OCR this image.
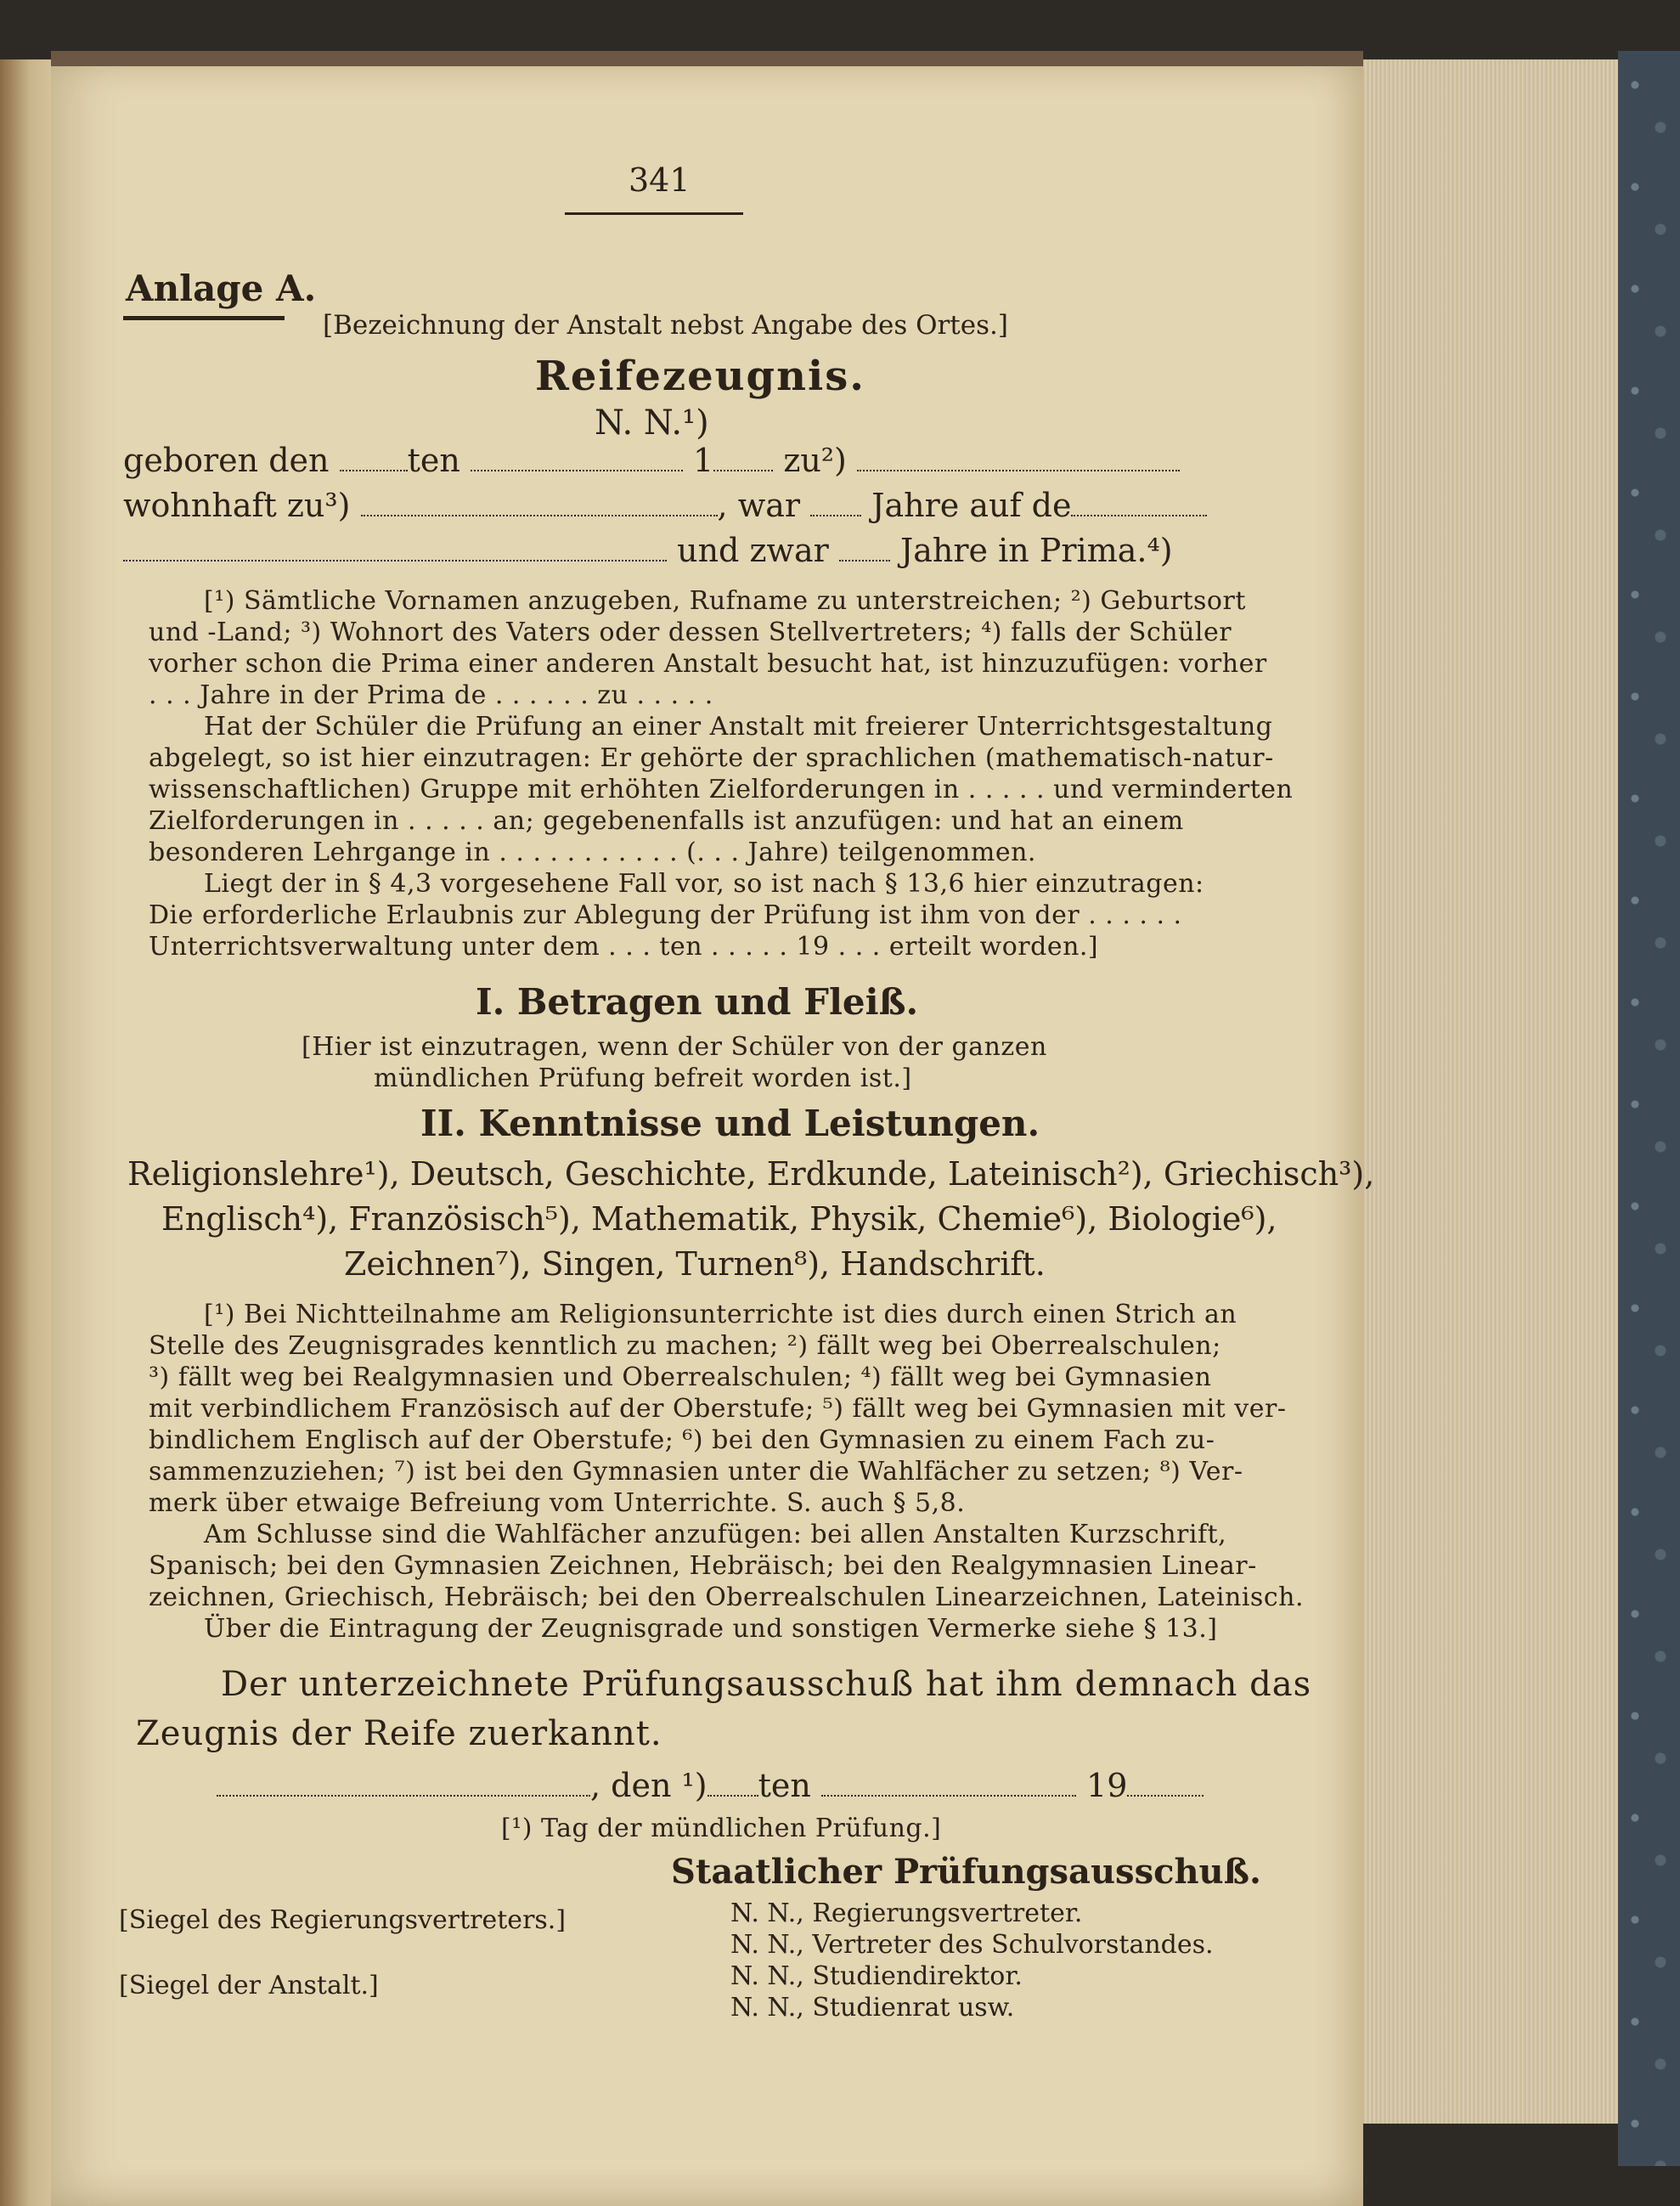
341
Anlage A.
[Bezeichnung der Anstalt nebst Angabe des Ortes.]
Reifezeugnis.
N. N.¹)
geboren den ten	1 zu²)
wohnhaft zu³)	, war Jahre auf de
und zwar Jahre in Prima.⁴)
[¹) Sämtliche Vornamen anzugeben, Rufname zu unterstreichen; ²) Geburtsort
und -Land; ³) Wohnort des Vaters oder dessen Stellvertreters; ⁴) falls der Schüler
vorher schon die Prima einer anderen Anstalt besucht hat, ist hinzuzufügen: vorher
. . . Jahre in der Prima de . . . . . . zu . . . . .
Hat der Schüler die Prüfung an einer Anstalt mit freierer Unterrichtsgestaltung
abgelegt, so ist hier einzutragen: Er gehörte der sprachlichen (mathematisch-natur-
wissenschaftlichen) Gruppe mit erhöhten Zielforderungen in . . . . . und verminderten
Zielforderungen in . . . . . an; gegebenenfalls ist anzufügen: und hat an einem
besonderen Lehrgange in . . . . . . . . . . . (. . . Jahre) teilgenommen.
Liegt der in § 4,3 vorgesehene Fall vor, so ist nach § 13,6 hier einzutragen:
Die erforderliche Erlaubnis zur Ablegung der Prüfung ist ihm von der . . . . . .
Unterrichtsverwaltung unter dem . . . ten . . . . . 19 . . . erteilt worden.]
I. Betragen und Fleiß.
[Hier ist einzutragen, wenn der Schüler von der ganzen
mündlichen Prüfung befreit worden ist.]
II. Kenntnisse und Leistungen.
Religionslehre¹), Deutsch, Geschichte, Erdkunde, Lateinisch²), Griechisch³),
Englisch⁴), Französisch⁵), Mathematik, Physik, Chemie⁶), Biologie⁶),
Zeichnen⁷), Singen, Turnen⁸), Handschrift.
[¹) Bei Nichtteilnahme am Religionsunterrichte ist dies durch einen Strich an
Stelle des Zeugnisgrades kenntlich zu machen; ²) fällt weg bei Oberrealschulen;
³) fällt weg bei Realgymnasien und Oberrealschulen; ⁴) fällt weg bei Gymnasien
mit verbindlichem Französisch auf der Oberstufe; ⁵) fällt weg bei Gymnasien mit ver-
bindlichem Englisch auf der Oberstufe; ⁶) bei den Gymnasien zu einem Fach zu-
sammenzuziehen; ⁷) ist bei den Gymnasien unter die Wahlfächer zu setzen; ⁸) Ver-
merk über etwaige Befreiung vom Unterrichte. S. auch § 5,8.
Am Schlusse sind die Wahlfächer anzufügen: bei allen Anstalten Kurzschrift,
Spanisch; bei den Gymnasien Zeichnen, Hebräisch; bei den Realgymnasien Linear-
zeichnen, Griechisch, Hebräisch; bei den Oberrealschulen Linearzeichnen, Lateinisch.
Über die Eintragung der Zeugnisgrade und sonstigen Vermerke siehe § 13.]
Der unterzeichnete Prüfungsausschuß hat ihm demnach das
Zeugnis der Reife zuerkannt.
, den ¹) ten	19
[¹) Tag der mündlichen Prüfung.]
Staatlicher Prüfungsausschuß.
[Siegel des Regierungsvertreters.]
[Siegel der Anstalt.]
N. N., Regierungsvertreter.
N. N., Vertreter des Schulvorstandes.
N. N., Studiendirektor.
N. N., Studienrat usw.
